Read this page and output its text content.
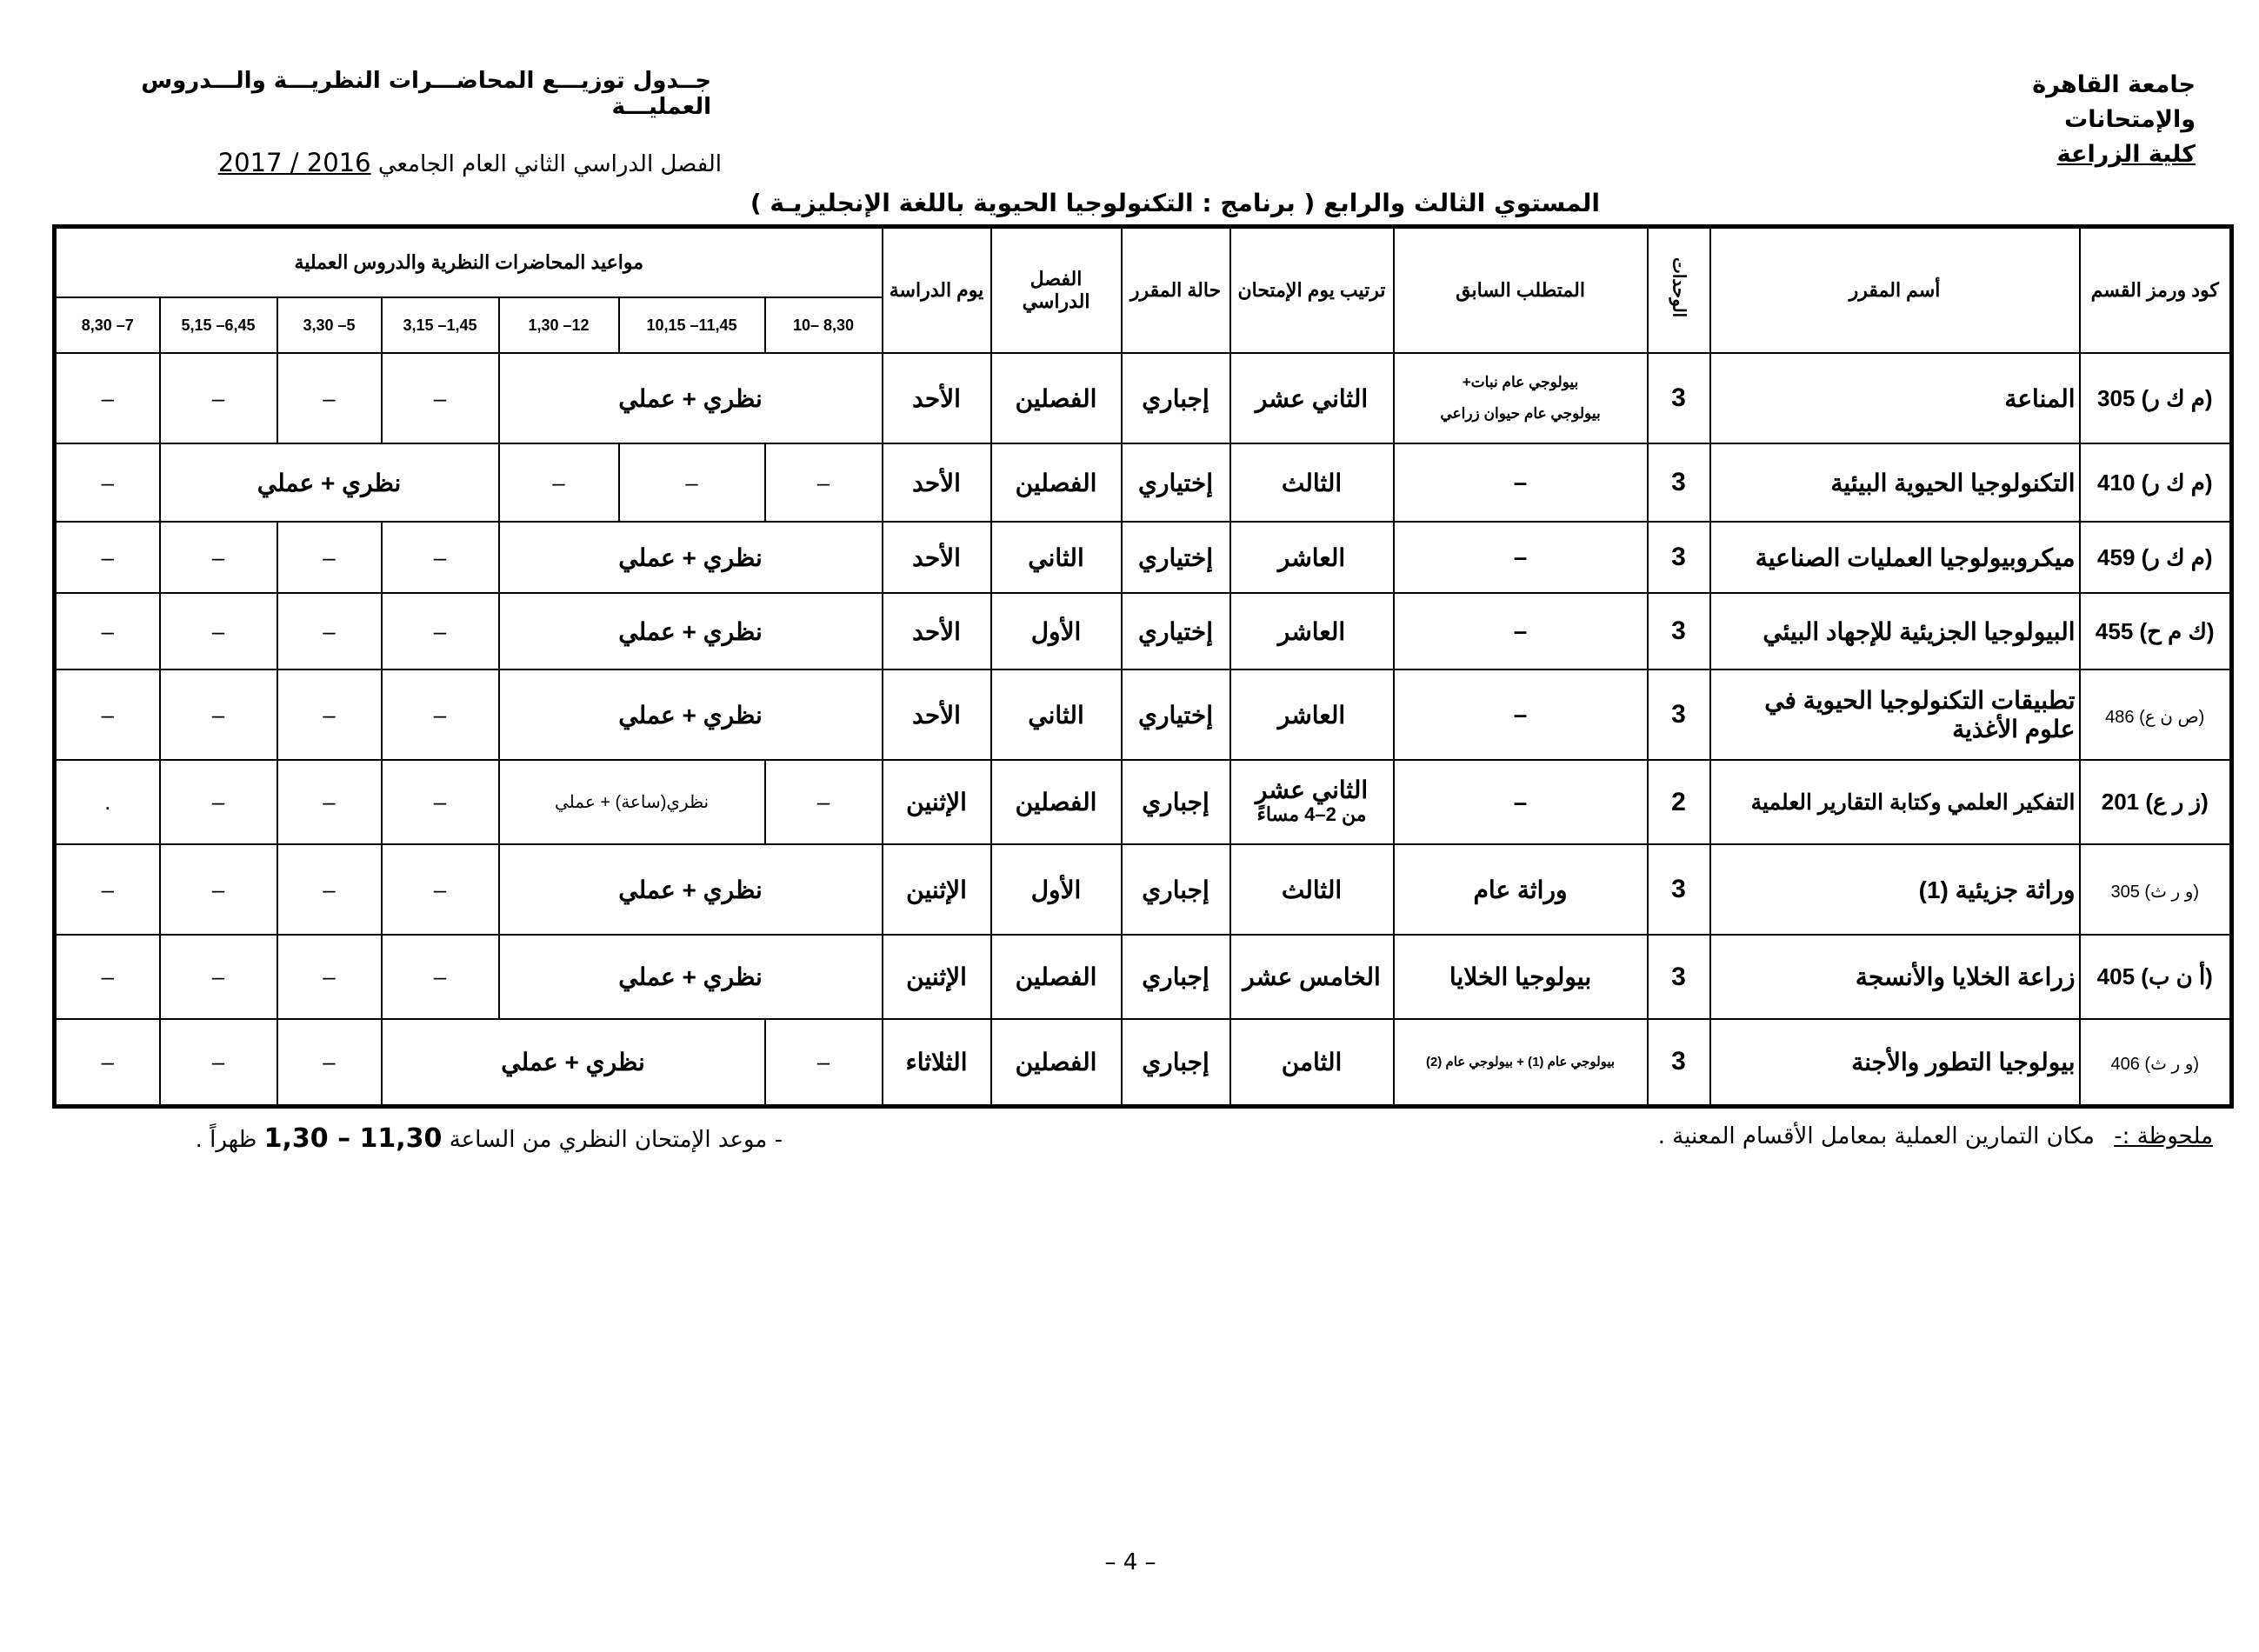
جامعة القاهرة
والإمتحانات
كلية الزراعة
جــدول توزيـــع المحاضـــرات النظريـــة والـــدروس العمليـــة
الفصل الدراسي الثاني العام الجامعي 2016 / 2017
المستوي الثالث والرابع ( برنامج : التكنولوجيا الحيوية باللغة الإنجليزيـة )
كود ورمز القسم	أسم المقرر	الوحدات	المتطلب السابق	ترتيب يوم الإمتحان	حالة المقرر	الفصل الدراسي	يوم الدراسة	مواعيد المحاضرات النظرية والدروس العملية						
								8,30 –10	11,45– 10,15	12– 1,30	1,45– 3,15	5– 3,30	6,45– 5,15	7– 8,30
(م ك ر) 305	المناعة	3	بيولوجي عام نبات+
بيولوجي عام حيوان زراعي	الثاني عشر	إجباري	الفصلين	الأحد	نظري + عملي			–	–	–	–
(م ك ر) 410	التكنولوجيا الحيوية البيئية	3	–	الثالث	إختياري	الفصلين	الأحد	–	–	–	نظري + عملي			–
(م ك ر) 459	ميكروبيولوجيا العمليات الصناعية	3	–	العاشر	إختياري	الثاني	الأحد	نظري + عملي			–	–	–	–
(ك م ح) 455	البيولوجيا الجزيئية للإجهاد البيئي	3	–	العاشر	إختياري	الأول	الأحد	نظري + عملي			–	–	–	–
(ص ن ع) 486	تطبيقات التكنولوجيا الحيوية في علوم الأغذية	3	–	العاشر	إختياري	الثاني	الأحد	نظري + عملي			–	–	–	–
(ز ر ع) 201	التفكير العلمي وكتابة التقارير العلمية	2	–	الثاني عشر
من 2–4 مساءً	إجباري	الفصلين	الإثنين	–	نظري(ساعة) + عملي		–	–	–	.
(و ر ث) 305	وراثة جزيئية (1)	3	وراثة عام	الثالث	إجباري	الأول	الإثنين	نظري + عملي			–	–	–	–
(أ ن ب) 405	زراعة الخلايا والأنسجة	3	بيولوجيا الخلايا	الخامس عشر	إجباري	الفصلين	الإثنين	نظري + عملي			–	–	–	–
(و ر ث) 406	بيولوجيا التطور والأجنة	3	بيولوجي عام (1) + بيولوجي عام (2)	الثامن	إجباري	الفصلين	الثلاثاء	–	نظري + عملي			–	–	–
ملحوظة :- مكان التمارين العملية بمعامل الأقسام المعنية .
- موعد الإمتحان النظري من الساعة 11,30 – 1,30 ظهراً .
– 4 –
